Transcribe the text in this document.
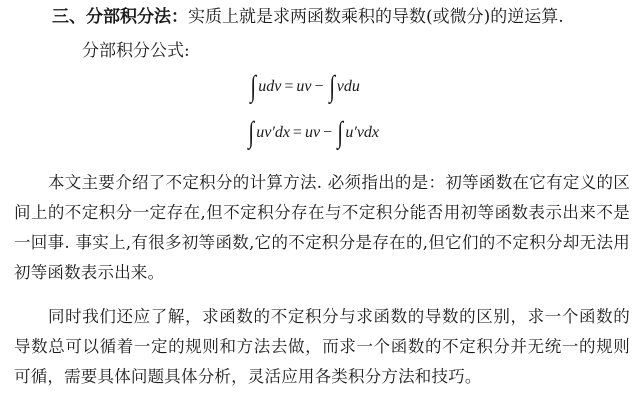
三、分部积分法：实质上就是求两函数乘积的导数(或微分)的逆运算.
分部积分公式:
∫ udv = uv − ∫ vdu
∫ uv′dx = uv − ∫ u′vdx

本文主要介绍了不定积分的计算方法. 必须指出的是：初等函数在它有定义的区间上的不定积分一定存在,但不定积分存在与不定积分能否用初等函数表示出来不是一回事. 事实上,有很多初等函数,它的不定积分是存在的,但它们的不定积分却无法用初等函数表示出来。

同时我们还应了解，求函数的不定积分与求函数的导数的区别，求一个函数的导数总可以循着一定的规则和方法去做，而求一个函数的不定积分并无统一的规则可循，需要具体问题具体分析，灵活应用各类积分方法和技巧。
